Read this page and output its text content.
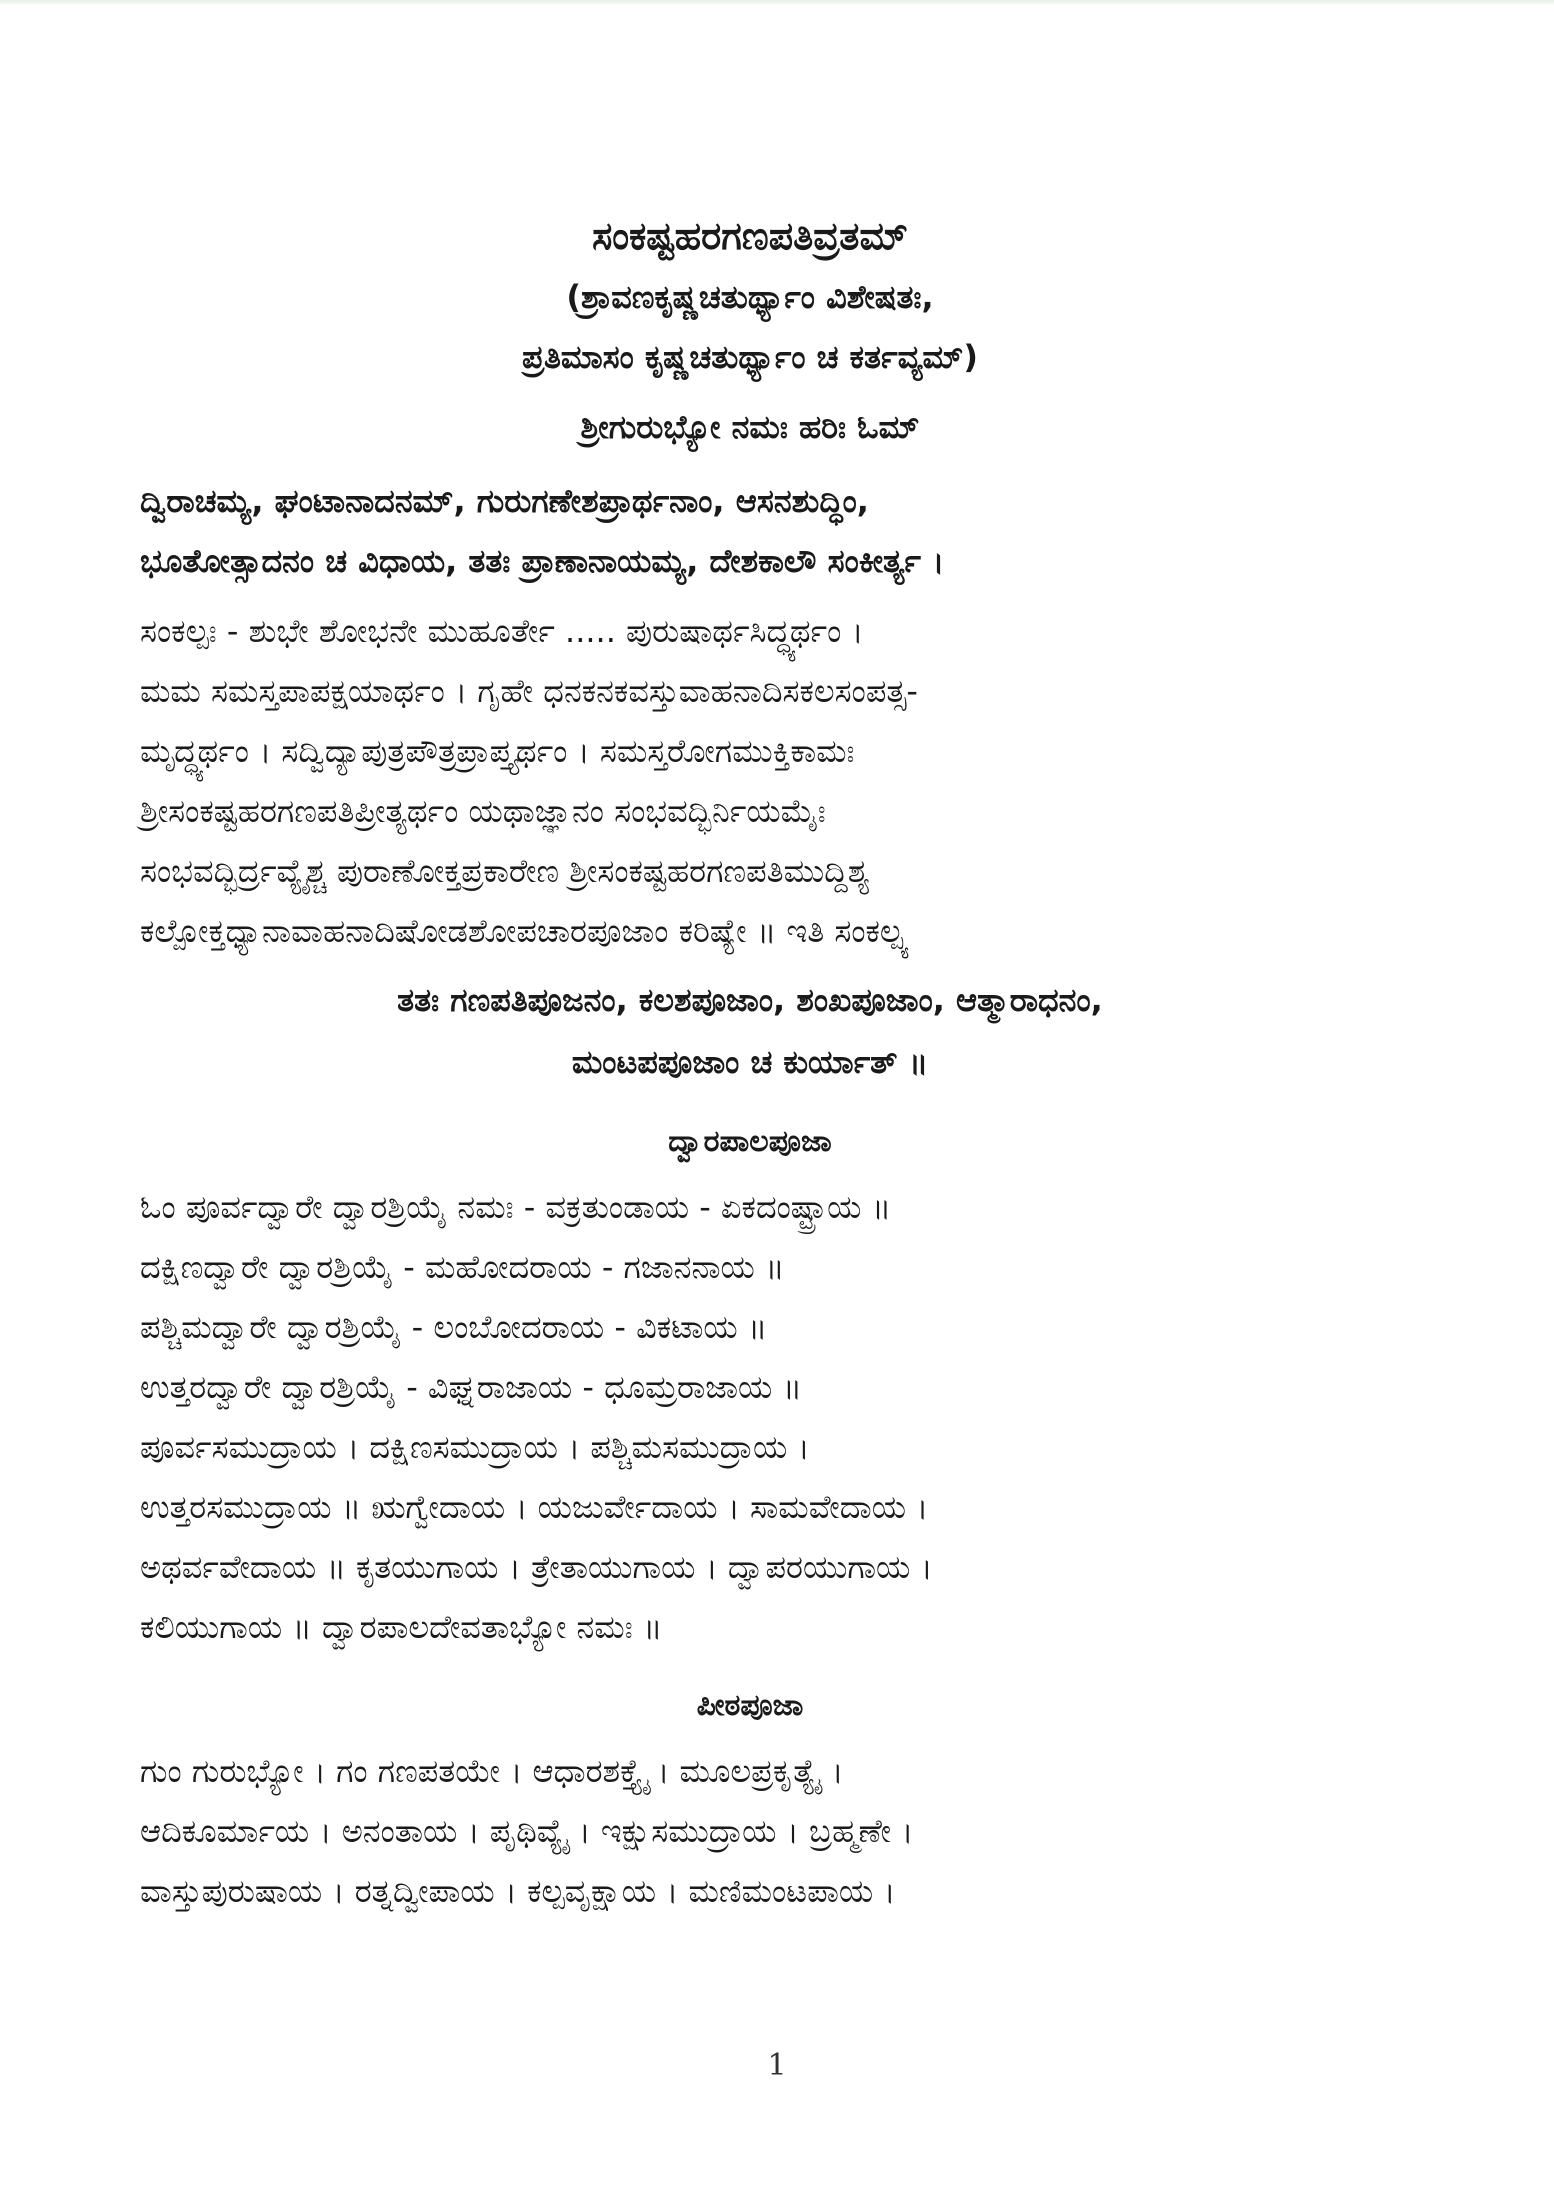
ಸಂಕಷ್ಟಹರಗಣಪತಿವ್ರತಮ್

(ಶ್ರಾವಣಕೃಷ್ಣಚತುರ್ಥ್ಯಾಂ ವಿಶೇಷತಃ,

ಪ್ರತಿಮಾಸಂ ಕೃಷ್ಣಚತುರ್ಥ್ಯಾಂ ಚ ಕರ್ತವ್ಯಮ್)

ಶ್ರೀಗುರುಭ್ಯೋ ನಮಃ ಹರಿಃ ಓಮ್

ದ್ವಿರಾಚಮ್ಯ, ಘಂಟಾನಾದನಮ್, ಗುರುಗಣೇಶಪ್ರಾರ್ಥನಾಂ, ಆಸನಶುದ್ಧಿಂ,

ಭೂತೋತ್ಸಾದನಂ ಚ ವಿಧಾಯ, ತತಃ ಪ್ರಾಣಾನಾಯಮ್ಯ, ದೇಶಕಾಲೌ ಸಂಕೀರ್ತ್ಯ ।

ಸಂಕಲ್ಪಃ - ಶುಭೇ ಶೋಭನೇ ಮುಹೂರ್ತೇ ..... ಪುರುಷಾರ್ಥಸಿದ್ಧ್ಯರ್ಥಂ ।

ಮಮ ಸಮಸ್ತಪಾಪಕ್ಷಯಾರ್ಥಂ । ಗೃಹೇ ಧನಕನಕವಸ್ತುವಾಹನಾದಿಸಕಲಸಂಪತ್ಸ-

ಮೃದ್ಧ್ಯರ್ಥಂ । ಸದ್ವಿದ್ಯಾಪುತ್ರಪೌತ್ರಪ್ರಾಪ್ತ್ಯರ್ಥಂ । ಸಮಸ್ತರೋಗಮುಕ್ತಿಕಾಮಃ

ಶ್ರೀಸಂಕಷ್ಟಹರಗಣಪತಿಪ್ರೀತ್ಯರ್ಥಂ ಯಥಾಜ್ಞಾನಂ ಸಂಭವದ್ಭಿರ್ನಿಯಮೈಃ

ಸಂಭವದ್ಭಿರ್ದ್ರವ್ಯೈಶ್ಚ ಪುರಾಣೋಕ್ತಪ್ರಕಾರೇಣ ಶ್ರೀಸಂಕಷ್ಟಹರಗಣಪತಿಮುದ್ದಿಶ್ಯ

ಕಲ್ಪೋಕ್ತಧ್ಯಾನಾವಾಹನಾದಿಷೋಡಶೋಪಚಾರಪೂಜಾಂ ಕರಿಷ್ಯೇ ॥ ಇತಿ ಸಂಕಲ್ಪ್ಯ

ತತಃ ಗಣಪತಿಪೂಜನಂ, ಕಲಶಪೂಜಾಂ, ಶಂಖಪೂಜಾಂ, ಆತ್ಮಾರಾಧನಂ,

ಮಂಟಪಪೂಜಾಂ ಚ ಕುರ್ಯಾತ್ ॥

ದ್ವಾರಪಾಲಪೂಜಾ

ಓಂ ಪೂರ್ವದ್ವಾರೇ ದ್ವಾರಶ್ರಿಯೈ ನಮಃ - ವಕ್ರತುಂಡಾಯ - ಏಕದಂಷ್ಟ್ರಾಯ ॥

ದಕ್ಷಿಣದ್ವಾರೇ ದ್ವಾರಶ್ರಿಯೈ - ಮಹೋದರಾಯ - ಗಜಾನನಾಯ ॥

ಪಶ್ಚಿಮದ್ವಾರೇ ದ್ವಾರಶ್ರಿಯೈ - ಲಂಬೋದರಾಯ - ವಿಕಟಾಯ ॥

ಉತ್ತರದ್ವಾರೇ ದ್ವಾರಶ್ರಿಯೈ - ವಿಘ್ನರಾಜಾಯ - ಧೂಮ್ರರಾಜಾಯ ॥

ಪೂರ್ವಸಮುದ್ರಾಯ । ದಕ್ಷಿಣಸಮುದ್ರಾಯ । ಪಶ್ಚಿಮಸಮುದ್ರಾಯ ।

ಉತ್ತರಸಮುದ್ರಾಯ ॥ ಋಗ್ವೇದಾಯ । ಯಜುರ್ವೇದಾಯ । ಸಾಮವೇದಾಯ ।

ಅಥರ್ವವೇದಾಯ ॥ ಕೃತಯುಗಾಯ । ತ್ರೇತಾಯುಗಾಯ । ದ್ವಾಪರಯುಗಾಯ ।

ಕಲಿಯುಗಾಯ ॥ ದ್ವಾರಪಾಲದೇವತಾಭ್ಯೋ ನಮಃ ॥

ಪೀಠಪೂಜಾ

ಗುಂ ಗುರುಭ್ಯೋ । ಗಂ ಗಣಪತಯೇ । ಆಧಾರಶಕ್ತ್ಯೈ । ಮೂಲಪ್ರಕೃತ್ಯೈ ।

ಆದಿಕೂರ್ಮಾಯ । ಅನಂತಾಯ । ಪೃಥಿವ್ಯೈ । ಇಕ್ಷುಸಮುದ್ರಾಯ । ಬ್ರಹ್ಮಣೇ ।

ವಾಸ್ತುಪುರುಷಾಯ । ರತ್ನದ್ವೀಪಾಯ । ಕಲ್ಪವೃಕ್ಷಾಯ । ಮಣಿಮಂಟಪಾಯ ।

1
